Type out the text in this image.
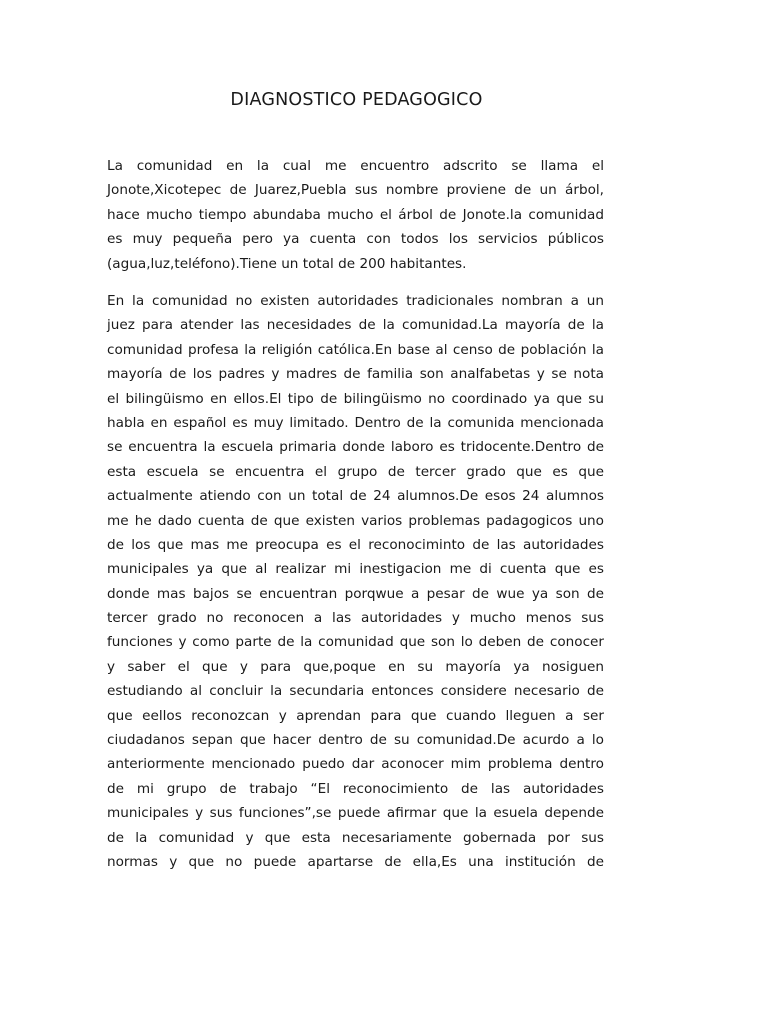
DIAGNOSTICO PEDAGOGICO
La comunidad en la cual me encuentro adscrito se llama el
Jonote,Xicotepec de Juarez,Puebla sus nombre proviene de un árbol,
hace mucho tiempo abundaba mucho el árbol de Jonote.la comunidad
es muy pequeña pero ya cuenta con todos los servicios públicos
(agua,luz,teléfono).Tiene un total de 200 habitantes.
En la comunidad no existen autoridades tradicionales nombran a un
juez para atender las necesidades de la comunidad.La mayoría de la
comunidad profesa la religión católica.En base al censo de población la
mayoría de los padres y madres de familia son analfabetas y se nota
el bilingüismo en ellos.El tipo de bilingüismo no coordinado ya que su
habla en español es muy limitado. Dentro de la comunida mencionada
se encuentra la escuela primaria donde laboro es tridocente.Dentro de
esta escuela se encuentra el grupo de tercer grado que es que
actualmente atiendo con un total de 24 alumnos.De esos 24 alumnos
me he dado cuenta de que existen varios problemas padagogicos uno
de los que mas me preocupa es el reconocimintо de las autoridades
municipales ya que al realizar mi inestigacion me di cuenta que es
donde mas bajos se encuentran porqwue a pesar de wue ya son de
tercer grado no reconocen a las autoridades y mucho menos sus
funciones y como parte de la comunidad que son lo deben de conocer
y saber el que y para que,poque en su mayoría ya nosiguen
estudiando al concluir la secundaria entonces considere necesario de
que eellos reconozcan y aprendan para que cuando lleguen a ser
ciudadanos sepan que hacer dentro de su comunidad.De acurdo a lo
anteriormente mencionado puedo dar aconocer mim problema dentro
de mi grupo de trabajo “El reconocimiento de las autoridades
municipales y sus funciones”,se puede afirmar que la esuela depende
de la comunidad y que esta necesariamente gobernada por sus
normas y que no puede apartarse de ella,Es una institución de
